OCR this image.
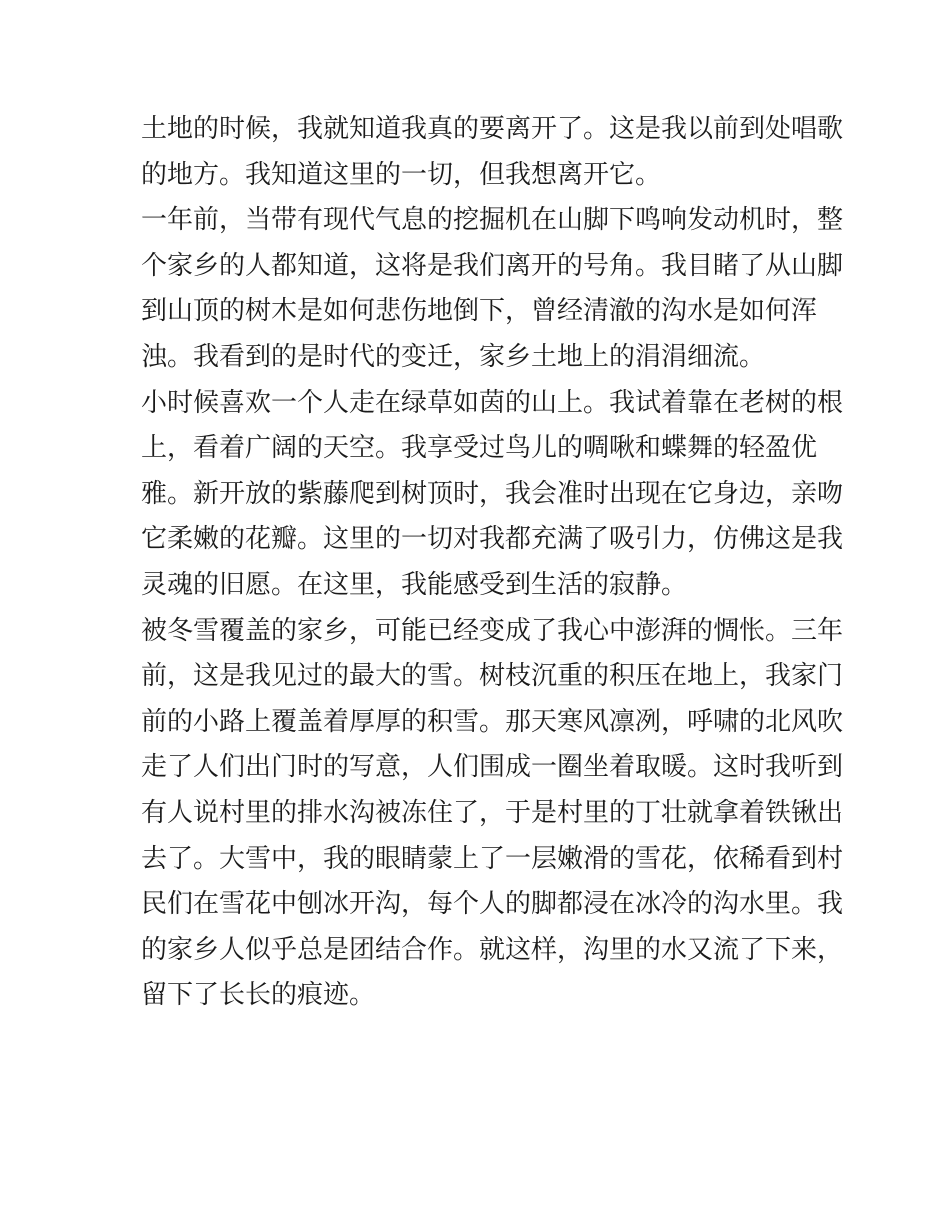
土地的时候，我就知道我真的要离开了。这是我以前到处唱歌
的地方。我知道这里的一切，但我想离开它。
一年前，当带有现代气息的挖掘机在山脚下鸣响发动机时，整
个家乡的人都知道，这将是我们离开的号角。我目睹了从山脚
到山顶的树木是如何悲伤地倒下，曾经清澈的沟水是如何浑
浊。我看到的是时代的变迁，家乡土地上的涓涓细流。
小时候喜欢一个人走在绿草如茵的山上。我试着靠在老树的根
上，看着广阔的天空。我享受过鸟儿的啁啾和蝶舞的轻盈优
雅。新开放的紫藤爬到树顶时，我会准时出现在它身边，亲吻
它柔嫩的花瓣。这里的一切对我都充满了吸引力，仿佛这是我
灵魂的旧愿。在这里，我能感受到生活的寂静。
被冬雪覆盖的家乡，可能已经变成了我心中澎湃的惆怅。三年
前，这是我见过的最大的雪。树枝沉重的积压在地上，我家门
前的小路上覆盖着厚厚的积雪。那天寒风凛冽，呼啸的北风吹
走了人们出门时的写意，人们围成一圈坐着取暖。这时我听到
有人说村里的排水沟被冻住了，于是村里的丁壮就拿着铁锹出
去了。大雪中，我的眼睛蒙上了一层嫩滑的雪花，依稀看到村
民们在雪花中刨冰开沟，每个人的脚都浸在冰冷的沟水里。我
的家乡人似乎总是团结合作。就这样，沟里的水又流了下来，
留下了长长的痕迹。
